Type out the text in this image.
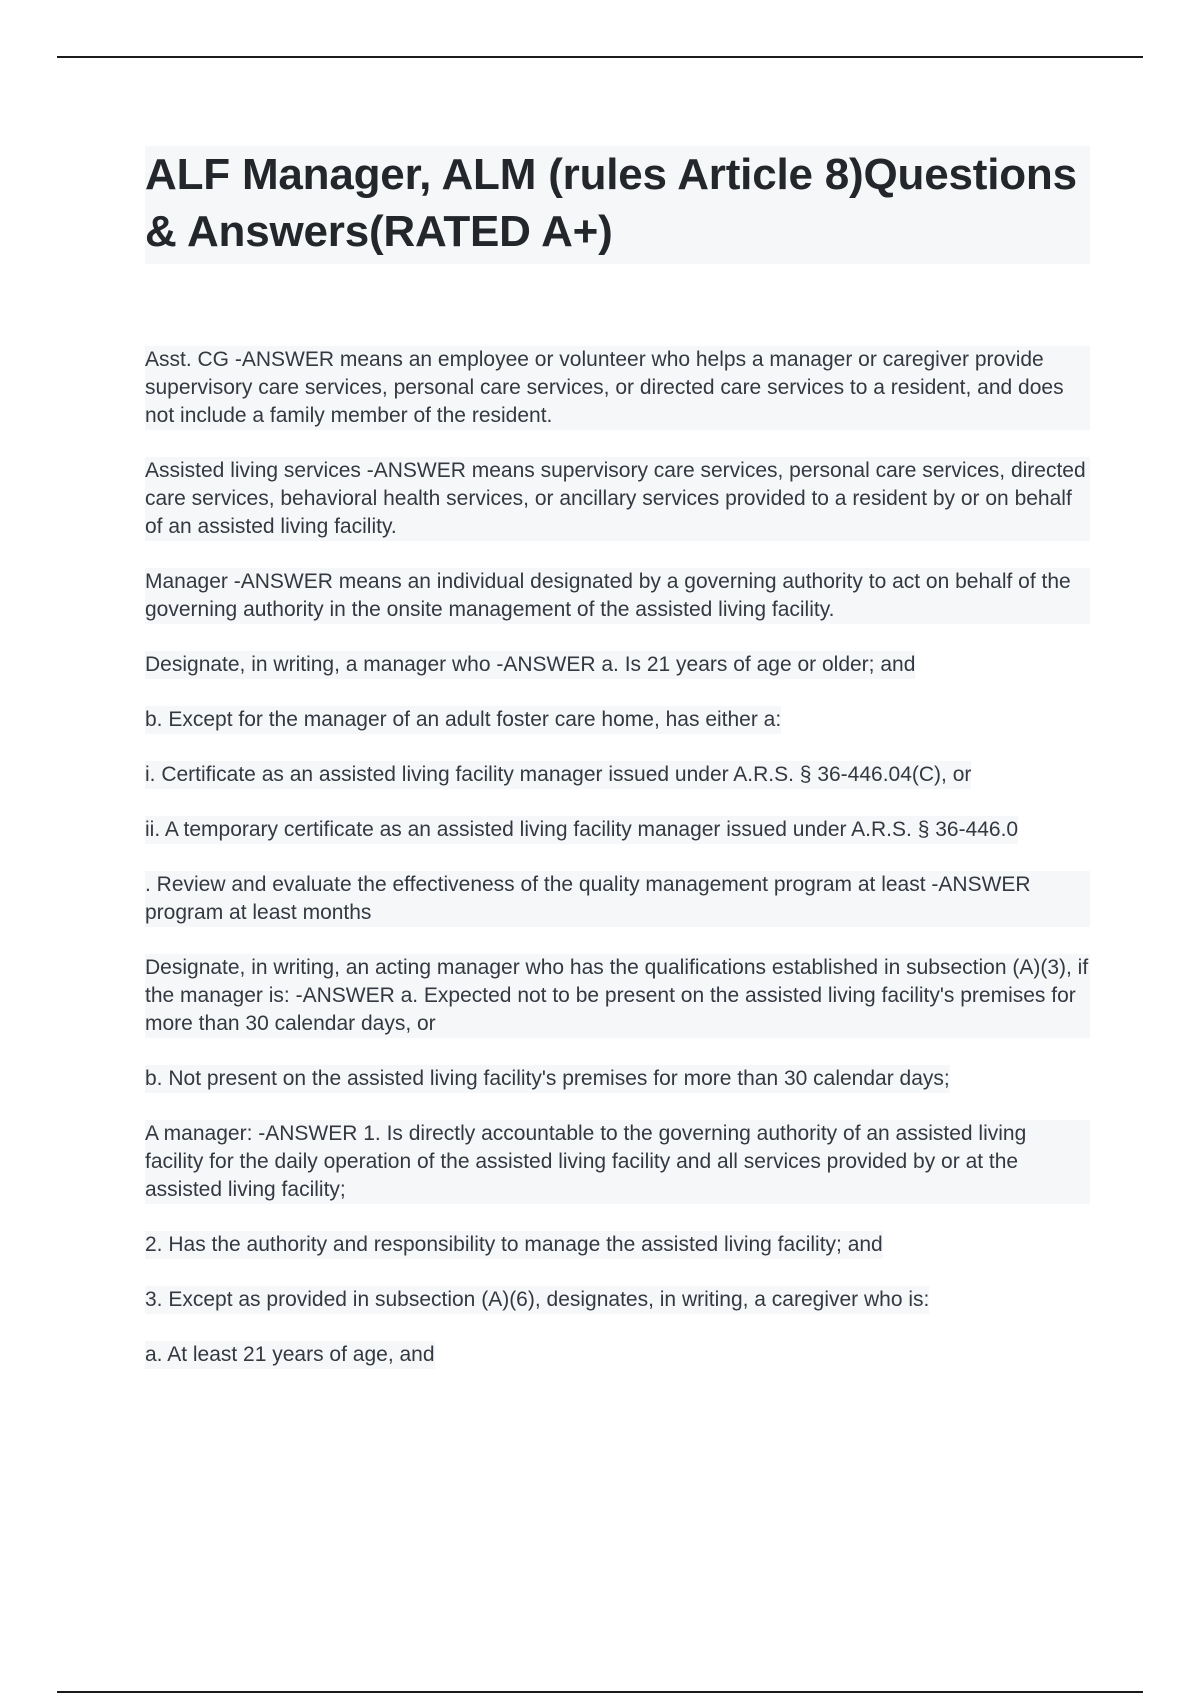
ALF Manager, ALM (rules Article 8)Questions & Answers(RATED A+)

Asst. CG -ANSWER means an employee or volunteer who helps a manager or caregiver provide supervisory care services, personal care services, or directed care services to a resident, and does not include a family member of the resident.

Assisted living services -ANSWER means supervisory care services, personal care services, directed care services, behavioral health services, or ancillary services provided to a resident by or on behalf of an assisted living facility.

Manager -ANSWER means an individual designated by a governing authority to act on behalf of the governing authority in the onsite management of the assisted living facility.

Designate, in writing, a manager who -ANSWER a. Is 21 years of age or older; and

b. Except for the manager of an adult foster care home, has either a:

i. Certificate as an assisted living facility manager issued under A.R.S. § 36-446.04(C), or

ii. A temporary certificate as an assisted living facility manager issued under A.R.S. § 36-446.0

. Review and evaluate the effectiveness of the quality management program at least -ANSWER program at least months

Designate, in writing, an acting manager who has the qualifications established in subsection (A)(3), if the manager is: -ANSWER a. Expected not to be present on the assisted living facility's premises for more than 30 calendar days, or

b. Not present on the assisted living facility's premises for more than 30 calendar days;

A manager: -ANSWER 1. Is directly accountable to the governing authority of an assisted living facility for the daily operation of the assisted living facility and all services provided by or at the assisted living facility;

2. Has the authority and responsibility to manage the assisted living facility; and

3. Except as provided in subsection (A)(6), designates, in writing, a caregiver who is:

a. At least 21 years of age, and
